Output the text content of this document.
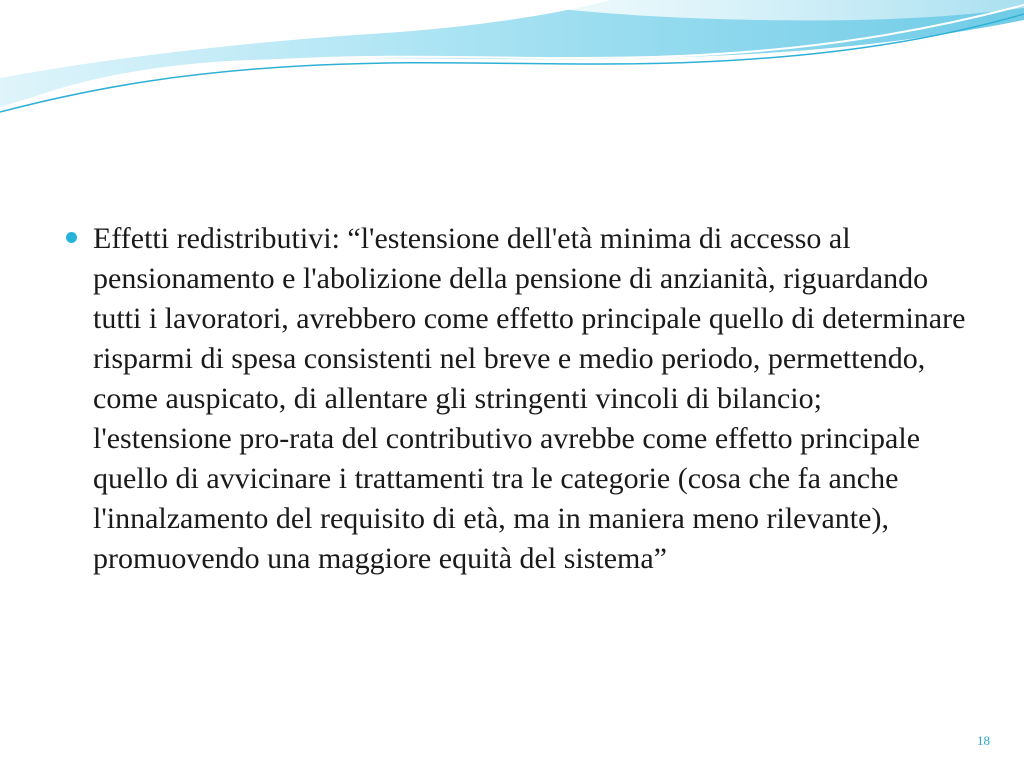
Effetti redistributivi: “l'estensione dell'età minima di accesso al pensionamento e l'abolizione della pensione di anzianità, riguardando tutti i lavoratori, avrebbero come effetto principale quello di determinare risparmi di spesa consistenti nel breve e medio periodo, permettendo, come auspicato, di allentare gli stringenti vincoli di bilancio; l'estensione pro-rata del contributivo avrebbe come effetto principale quello di avvicinare i trattamenti tra le categorie (cosa che fa anche l'innalzamento del requisito di età, ma in maniera meno rilevante), promuovendo una maggiore equità del sistema”

18
